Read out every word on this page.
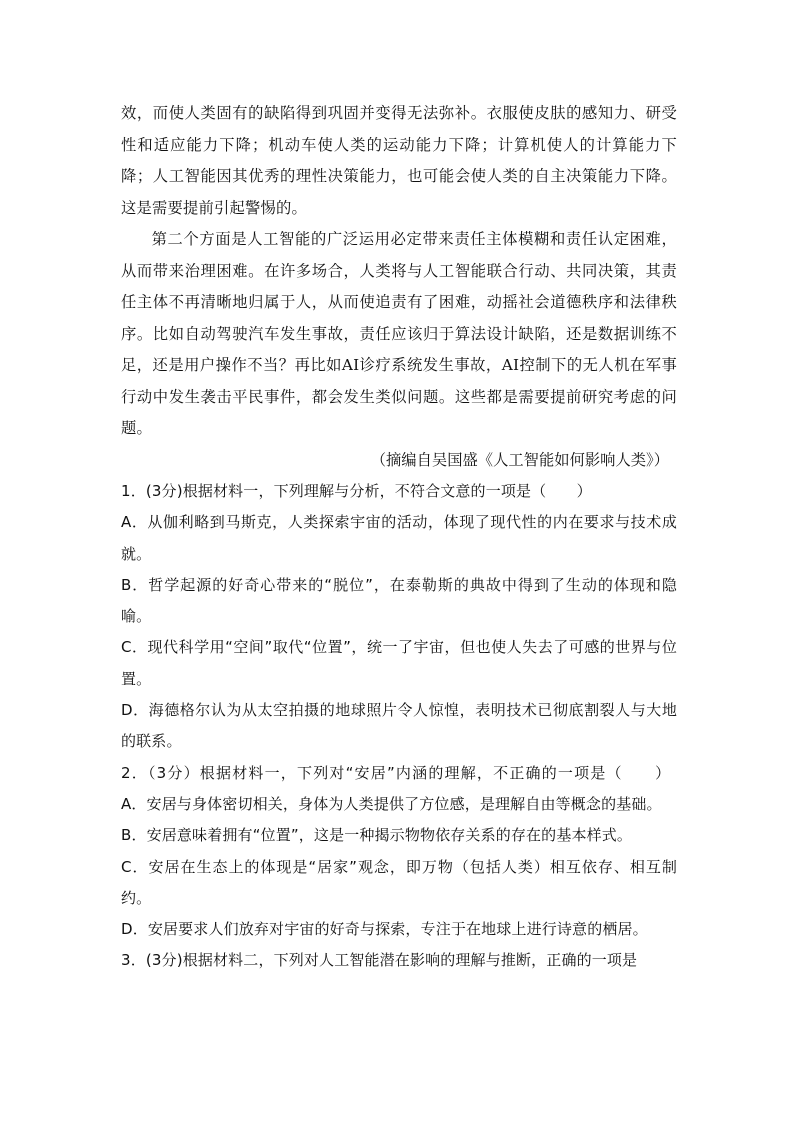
效，而使人类固有的缺陷得到巩固并变得无法弥补。衣服使皮肤的感知力、研受性和适应能力下降；机动车使人类的运动能力下降；计算机使人的计算能力下降；人工智能因其优秀的理性决策能力，也可能会使人类的自主决策能力下降。这是需要提前引起警惕的。

第二个方面是人工智能的广泛运用必定带来责任主体模糊和责任认定困难，从而带来治理困难。在许多场合，人类将与人工智能联合行动、共同决策，其责任主体不再清晰地归属于人，从而使追责有了困难，动摇社会道德秩序和法律秩序。比如自动驾驶汽车发生事故，责任应该归于算法设计缺陷，还是数据训练不足，还是用户操作不当？再比如AI诊疗系统发生事故，AI控制下的无人机在军事行动中发生袭击平民事件，都会发生类似问题。这些都是需要提前研究考虑的问题。

（摘编自吴国盛《人工智能如何影响人类》）

1．(3分)根据材料一，下列理解与分析，不符合文意的一项是（　　）

A．从伽利略到马斯克，人类探索宇宙的活动，体现了现代性的内在要求与技术成就。

B．哲学起源的好奇心带来的“脱位”，在泰勒斯的典故中得到了生动的体现和隐喻。

C．现代科学用“空间”取代“位置”，统一了宇宙，但也使人失去了可感的世界与位置。

D．海德格尔认为从太空拍摄的地球照片令人惊惶，表明技术已彻底割裂人与大地的联系。

2．（3分）根据材料一，下列对“安居”内涵的理解，不正确的一项是（　　）

A．安居与身体密切相关，身体为人类提供了方位感，是理解自由等概念的基础。

B．安居意味着拥有“位置”，这是一种揭示物物依存关系的存在的基本样式。

C．安居在生态上的体现是“居家”观念，即万物（包括人类）相互依存、相互制约。

D．安居要求人们放弃对宇宙的好奇与探索，专注于在地球上进行诗意的栖居。

3．(3分)根据材料二，下列对人工智能潜在影响的理解与推断，正确的一项是
